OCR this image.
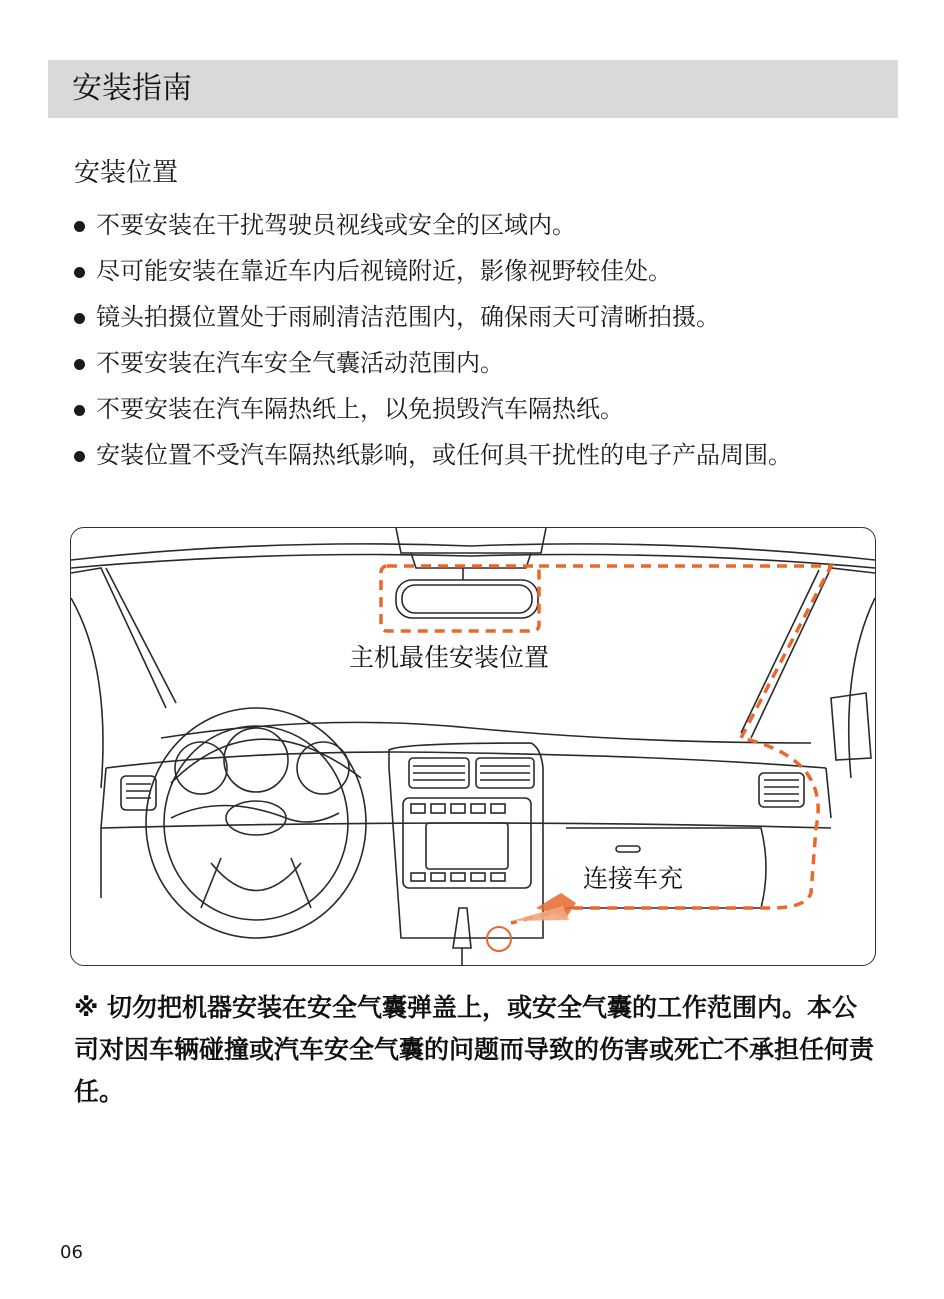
安装指南
安装位置
不要安装在干扰驾驶员视线或安全的区域内。
尽可能安装在靠近车内后视镜附近，影像视野较佳处。
镜头拍摄位置处于雨刷清洁范围内，确保雨天可清晰拍摄。
不要安装在汽车安全气囊活动范围内。
不要安装在汽车隔热纸上，以免损毁汽车隔热纸。
安装位置不受汽车隔热纸影响，或任何具干扰性的电子产品周围。
主机最佳安装位置
连接车充
※ 切勿把机器安装在安全气囊弹盖上，或安全气囊的工作范围内。本公司对因车辆碰撞或汽车安全气囊的问题而导致的伤害或死亡不承担任何责任。
06
